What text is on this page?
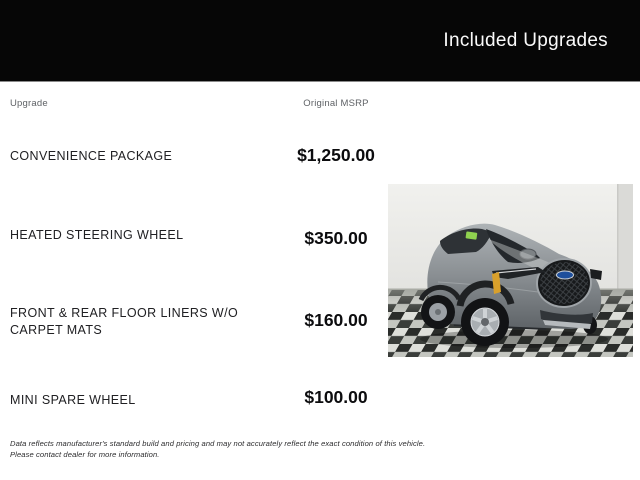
Included Upgrades
Upgrade	Original MSRP
CONVENIENCE PACKAGE	$1,250.00
HEATED STEERING WHEEL	$350.00
FRONT & REAR FLOOR LINERS W/O CARPET MATS	$160.00
MINI SPARE WHEEL	$100.00
Data reflects manufacturer's standard build and pricing and may not accurately reflect the exact condition of this vehicle.
Please contact dealer for more information.
